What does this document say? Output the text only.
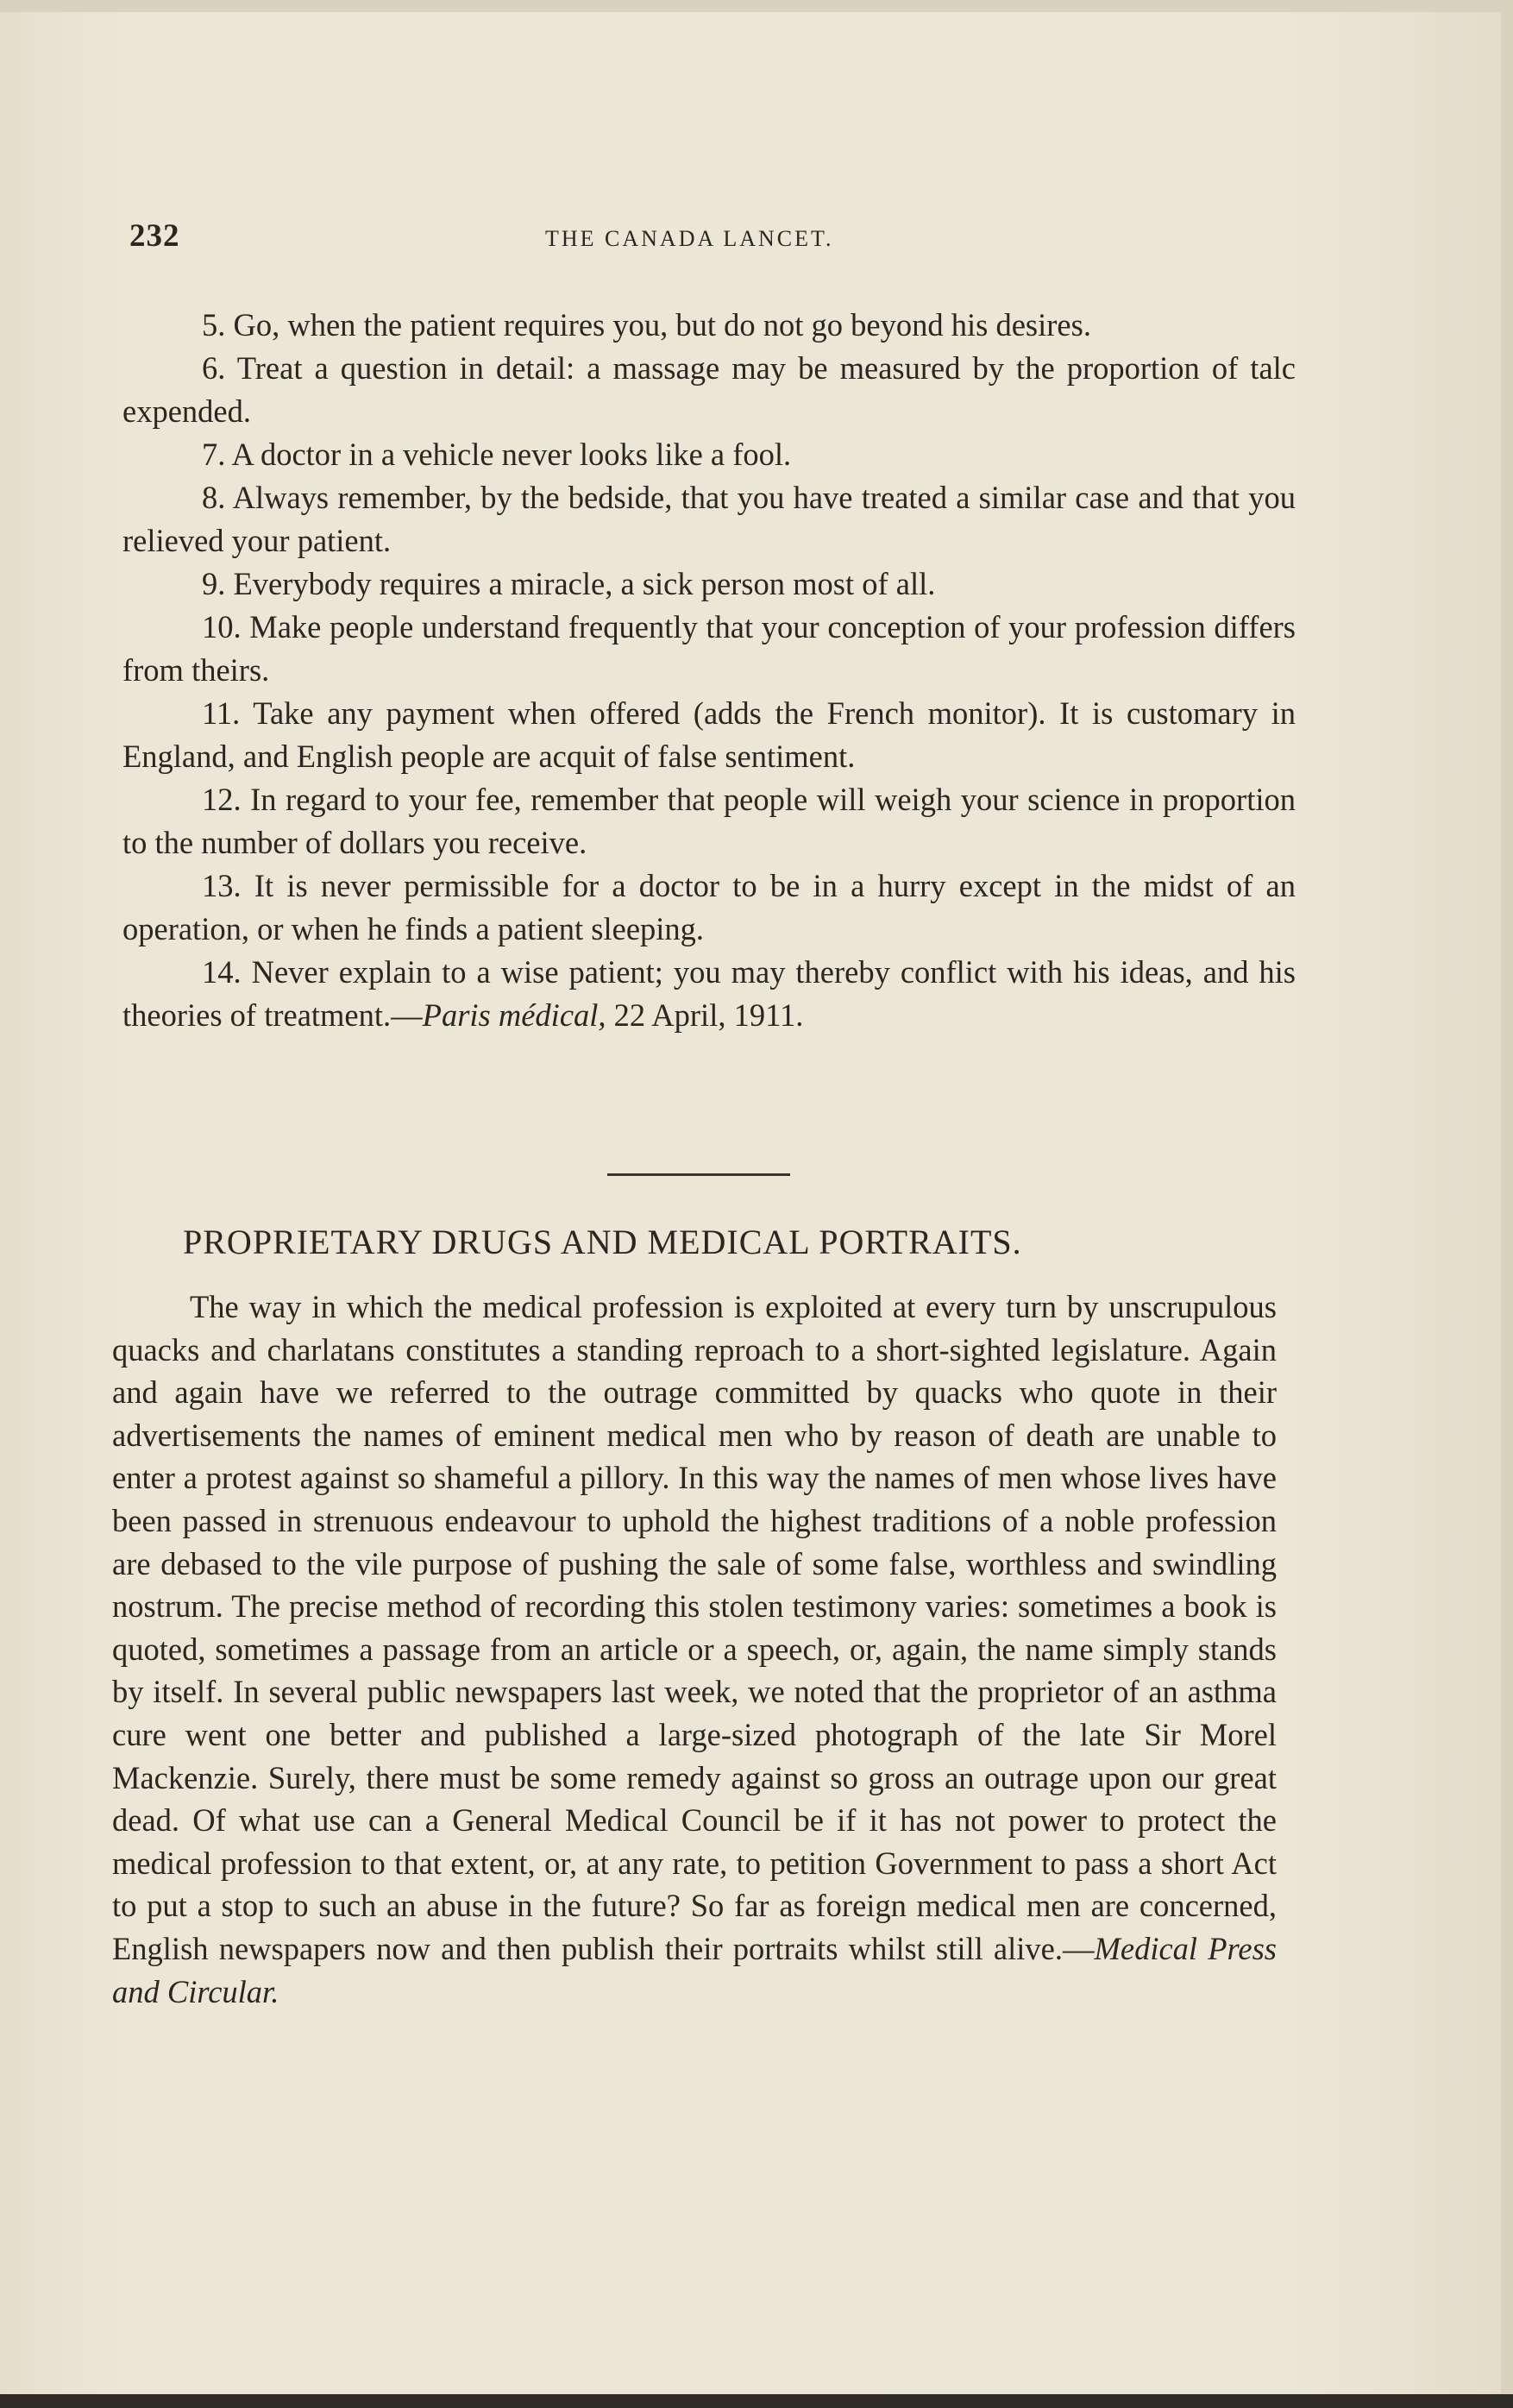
232	THE CANADA LANCET.

5. Go, when the patient requires you, but do not go beyond his desires.

6. Treat a question in detail: a massage may be measured by the proportion of talc expended.

7. A doctor in a vehicle never looks like a fool.

8. Always remember, by the bedside, that you have treated a similar case and that you relieved your patient.

9. Everybody requires a miracle, a sick person most of all.

10. Make people understand frequently that your conception of your profession differs from theirs.

11. Take any payment when offered (adds the French monitor). It is customary in England, and English people are acquit of false sentiment.

12. In regard to your fee, remember that people will weigh your science in proportion to the number of dollars you receive.

13. It is never permissible for a doctor to be in a hurry except in the midst of an operation, or when he finds a patient sleeping.

14. Never explain to a wise patient; you may thereby conflict with his ideas, and his theories of treatment.—Paris médical, 22 April, 1911.

PROPRIETARY DRUGS AND MEDICAL PORTRAITS.

The way in which the medical profession is exploited at every turn by unscrupulous quacks and charlatans constitutes a standing reproach to a short-sighted legislature. Again and again have we referred to the outrage committed by quacks who quote in their advertisements the names of eminent medical men who by reason of death are unable to enter a protest against so shameful a pillory. In this way the names of men whose lives have been passed in strenuous endeavour to uphold the highest traditions of a noble profession are debased to the vile purpose of pushing the sale of some false, worthless and swindling nostrum. The precise method of recording this stolen testimony varies: sometimes a book is quoted, sometimes a passage from an article or a speech, or, again, the name simply stands by itself. In several public newspapers last week, we noted that the proprietor of an asthma cure went one better and published a large-sized photograph of the late Sir Morel Mackenzie. Surely, there must be some remedy against so gross an outrage upon our great dead. Of what use can a General Medical Council be if it has not power to protect the medical profession to that extent, or, at any rate, to petition Government to pass a short Act to put a stop to such an abuse in the future? So far as foreign medical men are concerned, English newspapers now and then publish their portraits whilst still alive.—Medical Press and Circular.
